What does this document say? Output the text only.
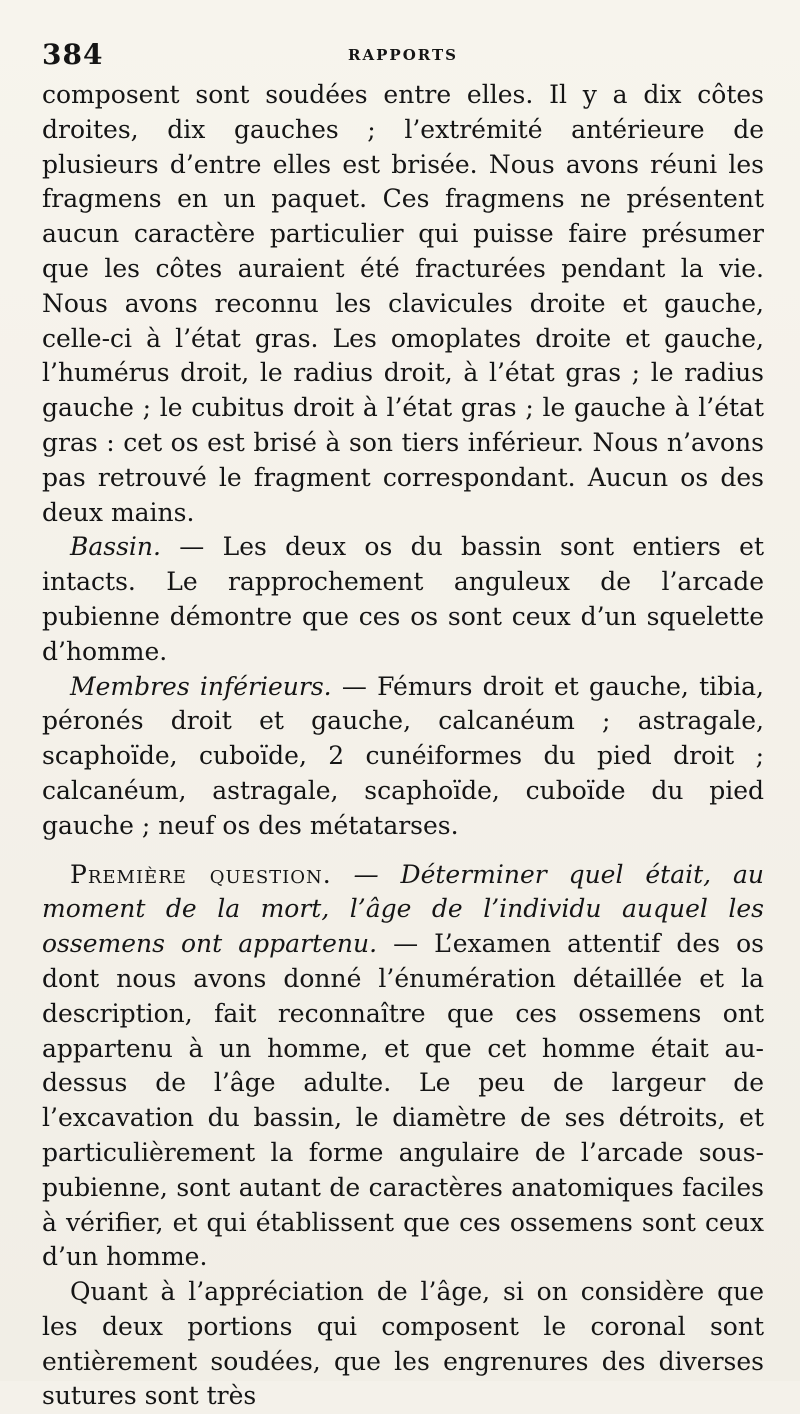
384	RAPPORTS

composent sont soudées entre elles. Il y a dix côtes droites, dix gauches ; l’extrémité antérieure de plusieurs d’entre elles est brisée. Nous avons réuni les fragmens en un paquet. Ces fragmens ne présentent aucun caractère particulier qui puisse faire présumer que les côtes auraient été fracturées pendant la vie. Nous avons reconnu les clavicules droite et gauche, celle-ci à l’état gras. Les omoplates droite et gauche, l’humérus droit, le radius droit, à l’état gras ; le radius gauche ; le cubitus droit à l’état gras ; le gauche à l’état gras : cet os est brisé à son tiers inférieur. Nous n’avons pas retrouvé le fragment correspondant. Aucun os des deux mains.

Bassin. — Les deux os du bassin sont entiers et intacts. Le rapprochement anguleux de l’arcade pubienne démontre que ces os sont ceux d’un squelette d’homme.

Membres inférieurs. — Fémurs droit et gauche, tibia, péronés droit et gauche, calcanéum ; astragale, scaphoïde, cuboïde, 2 cunéiformes du pied droit ; calcanéum, astragale, scaphoïde, cuboïde du pied gauche ; neuf os des métatarses.

Première question. — Déterminer quel était, au moment de la mort, l’âge de l’individu auquel les ossemens ont appartenu. — L’examen attentif des os dont nous avons donné l’énumération détaillée et la description, fait reconnaître que ces ossemens ont appartenu à un homme, et que cet homme était au-dessus de l’âge adulte. Le peu de largeur de l’excavation du bassin, le diamètre de ses détroits, et particulièrement la forme angulaire de l’arcade sous-pubienne, sont autant de caractères anatomiques faciles à vérifier, et qui établissent que ces ossemens sont ceux d’un homme.

Quant à l’appréciation de l’âge, si on considère que les deux portions qui composent le coronal sont entièrement soudées, que les engrenures des diverses sutures sont très
